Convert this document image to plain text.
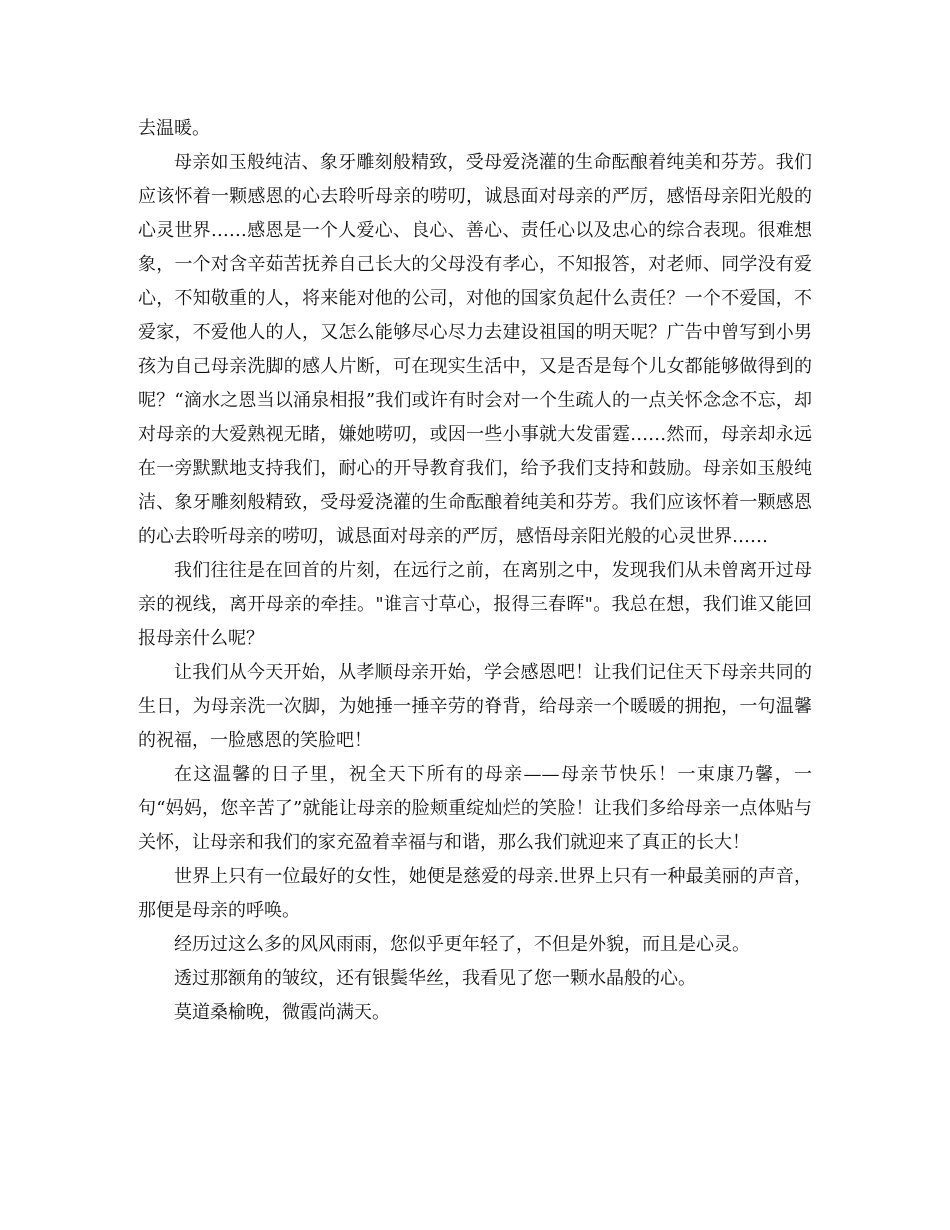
去温暖。

母亲如玉般纯洁、象牙雕刻般精致，受母爱浇灌的生命酝酿着纯美和芬芳。我们应该怀着一颗感恩的心去聆听母亲的唠叨，诚恳面对母亲的严厉，感悟母亲阳光般的心灵世界……感恩是一个人爱心、良心、善心、责任心以及忠心的综合表现。很难想象，一个对含辛茹苦抚养自己长大的父母没有孝心，不知报答，对老师、同学没有爱心，不知敬重的人，将来能对他的公司，对他的国家负起什么责任？一个不爱国，不爱家，不爱他人的人，又怎么能够尽心尽力去建设祖国的明天呢？广告中曾写到小男孩为自己母亲洗脚的感人片断，可在现实生活中，又是否是每个儿女都能够做得到的呢？“滴水之恩当以涌泉相报”我们或许有时会对一个生疏人的一点关怀念念不忘，却对母亲的大爱熟视无睹，嫌她唠叨，或因一些小事就大发雷霆……然而，母亲却永远在一旁默默地支持我们，耐心的开导教育我们，给予我们支持和鼓励。母亲如玉般纯洁、象牙雕刻般精致，受母爱浇灌的生命酝酿着纯美和芬芳。我们应该怀着一颗感恩的心去聆听母亲的唠叨，诚恳面对母亲的严厉，感悟母亲阳光般的心灵世界……

我们往往是在回首的片刻，在远行之前，在离别之中，发现我们从未曾离开过母亲的视线，离开母亲的牵挂。"谁言寸草心，报得三春晖"。我总在想，我们谁又能回报母亲什么呢？

让我们从今天开始，从孝顺母亲开始，学会感恩吧！让我们记住天下母亲共同的生日，为母亲洗一次脚，为她捶一捶辛劳的脊背，给母亲一个暖暖的拥抱，一句温馨的祝福，一脸感恩的笑脸吧！

在这温馨的日子里，祝全天下所有的母亲——母亲节快乐！一束康乃馨，一句“妈妈，您辛苦了”就能让母亲的脸颊重绽灿烂的笑脸！让我们多给母亲一点体贴与关怀，让母亲和我们的家充盈着幸福与和谐，那么我们就迎来了真正的长大！

世界上只有一位最好的女性，她便是慈爱的母亲.世界上只有一种最美丽的声音，那便是母亲的呼唤。

经历过这么多的风风雨雨，您似乎更年轻了，不但是外貌，而且是心灵。

透过那额角的皱纹，还有银鬓华丝，我看见了您一颗水晶般的心。

莫道桑榆晚，微霞尚满天。
